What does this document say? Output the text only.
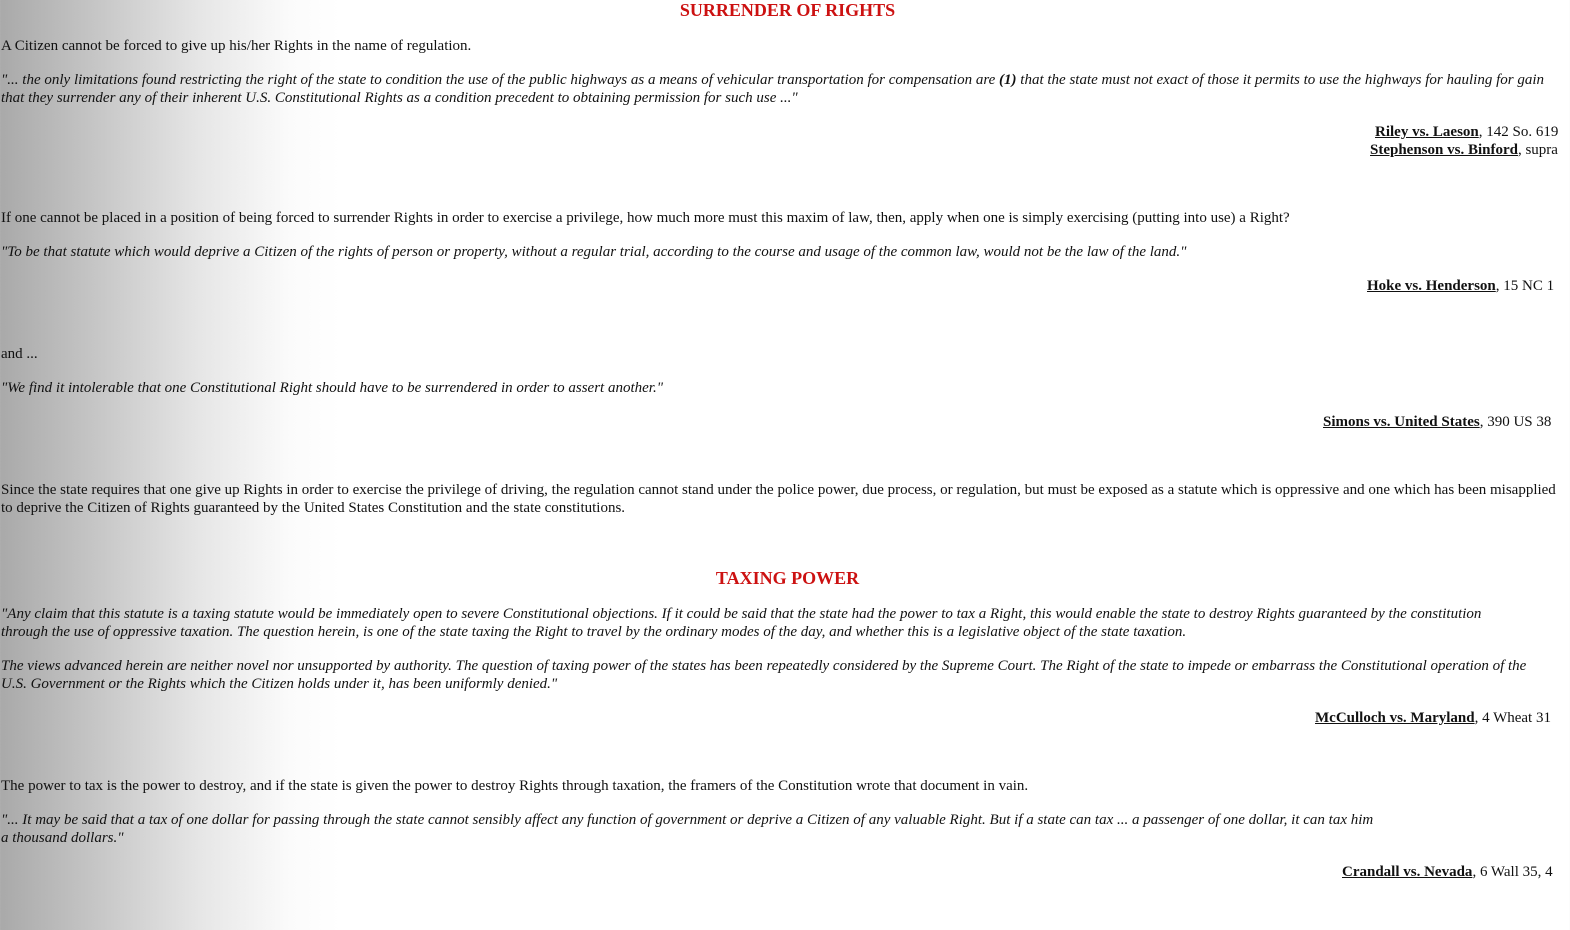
SURRENDER OF RIGHTS

A Citizen cannot be forced to give up his/her Rights in the name of regulation.

"... the only limitations found restricting the right of the state to condition the use of the public highways as a means of vehicular transportation for compensation are (1) that the state must not exact of those it permits to use the highways for hauling for gain that they surrender any of their inherent U.S. Constitutional Rights as a condition precedent to obtaining permission for such use ..."

Riley vs. Laeson, 142 So. 619
Stephenson vs. Binford, supra

If one cannot be placed in a position of being forced to surrender Rights in order to exercise a privilege, how much more must this maxim of law, then, apply when one is simply exercising (putting into use) a Right?

"To be that statute which would deprive a Citizen of the rights of person or property, without a regular trial, according to the course and usage of the common law, would not be the law of the land."

Hoke vs. Henderson, 15 NC 1

and ...

"We find it intolerable that one Constitutional Right should have to be surrendered in order to assert another."

Simons vs. United States, 390 US 38

Since the state requires that one give up Rights in order to exercise the privilege of driving, the regulation cannot stand under the police power, due process, or regulation, but must be exposed as a statute which is oppressive and one which has been misapplied to deprive the Citizen of Rights guaranteed by the United States Constitution and the state constitutions.

TAXING POWER

"Any claim that this statute is a taxing statute would be immediately open to severe Constitutional objections. If it could be said that the state had the power to tax a Right, this would enable the state to destroy Rights guaranteed by the constitution through the use of oppressive taxation. The question herein, is one of the state taxing the Right to travel by the ordinary modes of the day, and whether this is a legislative object of the state taxation.

The views advanced herein are neither novel nor unsupported by authority. The question of taxing power of the states has been repeatedly considered by the Supreme Court. The Right of the state to impede or embarrass the Constitutional operation of the U.S. Government or the Rights which the Citizen holds under it, has been uniformly denied."

McCulloch vs. Maryland, 4 Wheat 31

The power to tax is the power to destroy, and if the state is given the power to destroy Rights through taxation, the framers of the Constitution wrote that document in vain.

"... It may be said that a tax of one dollar for passing through the state cannot sensibly affect any function of government or deprive a Citizen of any valuable Right. But if a state can tax ... a passenger of one dollar, it can tax him
a thousand dollars."

Crandall vs. Nevada, 6 Wall 35, 4
